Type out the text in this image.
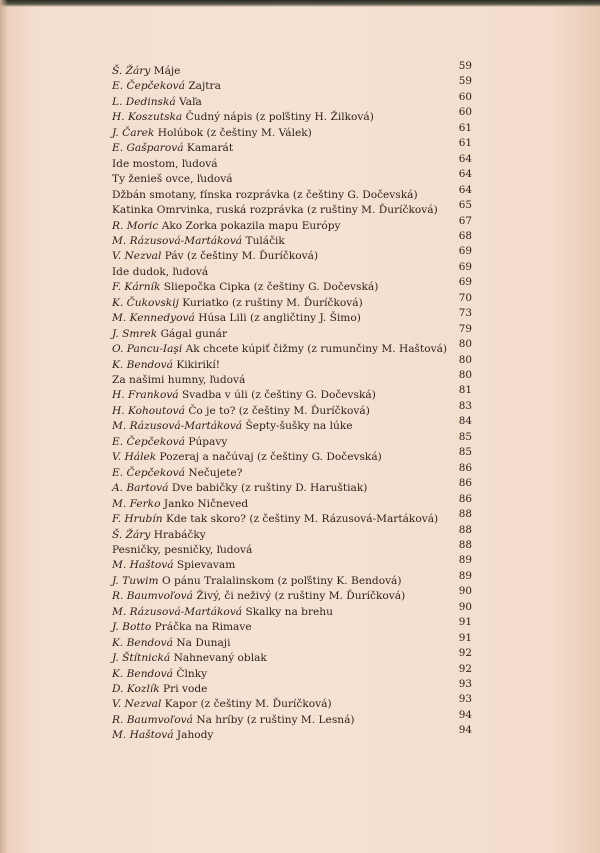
Š. Žáry Máje	59
E. Čepčeková Zajtra	59
L. Dedinská Vaľa	60
H. Koszutska Čudný nápis (z poľštiny H. Žilková)	60
J. Čarek Holúbok (z češtiny M. Válek)	61
E. Gašparová Kamarát	61
Ide mostom, ľudová	64
Ty ženieš ovce, ľudová	64
Džbán smotany, fínska rozprávka (z češtiny G. Dočevská)	64
Katinka Omrvinka, ruská rozprávka (z ruštiny M. Ďuríčková) 65
R. Moric Ako Zorka pokazila mapu Európy	67
M. Rázusová-Martáková Tuláčik	68
V. Nezval Páv (z češtiny M. Ďuríčková)	69
Ide dudok, ľudová	69
F. Kárník Sliepočka Cipka (z češtiny G. Dočevská)	69
K. Čukovskij Kuriatko (z ruštiny M. Ďuríčková)	70
M. Kennedyová Húsa Lili (z angličtiny J. Šimo)	73
J. Smrek Gágal gunár	79
O. Pancu-Iaşi Ak chcete kúpiť čižmy (z rumunčiny M. Haštová) 80
K. Bendová Kikirikí!	80
Za našimi humny, ľudová	80
H. Franková Svadba v úli (z češtiny G. Dočevská)	81
H. Kohoutová Čo je to? (z češtiny M. Ďuríčková)	83
M. Rázusová-Martáková Šepty-šušky na lúke	84
E. Čepčeková Púpavy	85
V. Hálek Pozeraj a načúvaj (z češtiny G. Dočevská)	85
E. Čepčeková Nečujete?	86
A. Bartová Dve babičky (z ruštiny D. Haruštiak)	86
M. Ferko Janko Ničneved	86
F. Hrubín Kde tak skoro? (z češtiny M. Rázusová-Martáková) 88
Š. Žáry Hrabáčky	88
Pesničky, pesničky, ľudová	88
M. Haštová Spievavam	89
J. Tuwim O pánu Tralalinskom (z poľštiny K. Bendová)	89
R. Baumvoľová Živý, či neživý (z ruštiny M. Ďuríčková)	90
M. Rázusová-Martáková Skalky na brehu	90
J. Botto Práčka na Rimave	91
K. Bendová Na Dunaji	91
J. Štítnická Nahnevaný oblak	92
K. Bendová Člnky	92
D. Kozlík Pri vode	93
V. Nezval Kapor (z češtiny M. Ďuríčková)	93
R. Baumvoľová Na hríby (z ruštiny M. Lesná)	94
M. Haštová Jahody	94
